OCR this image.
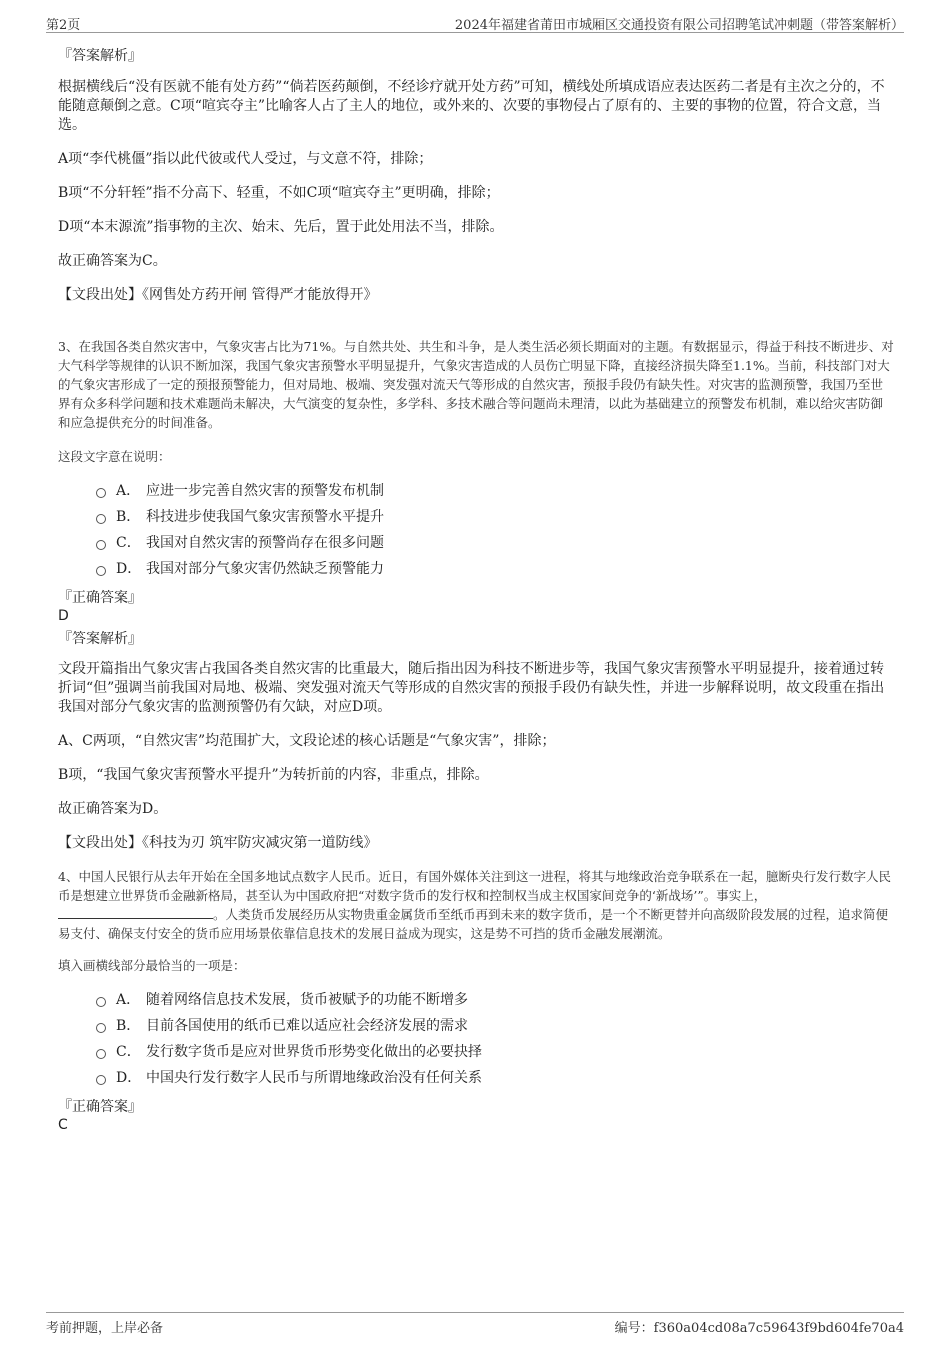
第2页	2024年福建省莆田市城厢区交通投资有限公司招聘笔试冲刺题（带答案解析）

『答案解析』

根据横线后“没有医就不能有处方药”“倘若医药颠倒，不经诊疗就开处方药”可知，横线处所填成语应表达医药二者是有主次之分的，不能随意颠倒之意。C项“喧宾夺主”比喻客人占了主人的地位，或外来的、次要的事物侵占了原有的、主要的事物的位置，符合文意，当选。

A项“李代桃僵”指以此代彼或代人受过，与文意不符，排除；

B项“不分轩轾”指不分高下、轻重，不如C项“喧宾夺主”更明确，排除；

D项“本末源流”指事物的主次、始末、先后，置于此处用法不当，排除。

故正确答案为C。

【文段出处】《网售处方药开闸 管得严才能放得开》

3、在我国各类自然灾害中，气象灾害占比为71%。与自然共处、共生和斗争，是人类生活必须长期面对的主题。有数据显示，得益于科技不断进步、对大气科学等规律的认识不断加深，我国气象灾害预警水平明显提升，气象灾害造成的人员伤亡明显下降，直接经济损失降至1.1%。当前，科技部门对大的气象灾害形成了一定的预报预警能力，但对局地、极端、突发强对流天气等形成的自然灾害，预报手段仍有缺失性。对灾害的监测预警，我国乃至世界有众多科学问题和技术难题尚未解决，大气演变的复杂性，多学科、多技术融合等问题尚未理清，以此为基础建立的预警发布机制，难以给灾害防御和应急提供充分的时间准备。

这段文字意在说明：

A． 应进一步完善自然灾害的预警发布机制
B． 科技进步使我国气象灾害预警水平提升
C． 我国对自然灾害的预警尚存在很多问题
D． 我国对部分气象灾害仍然缺乏预警能力

『正确答案』

D

『答案解析』

文段开篇指出气象灾害占我国各类自然灾害的比重最大，随后指出因为科技不断进步等，我国气象灾害预警水平明显提升，接着通过转折词“但”强调当前我国对局地、极端、突发强对流天气等形成的自然灾害的预报手段仍有缺失性，并进一步解释说明，故文段重在指出我国对部分气象灾害的监测预警仍有欠缺，对应D项。

A、C两项，“自然灾害”均范围扩大，文段论述的核心话题是“气象灾害”，排除；

B项，“我国气象灾害预警水平提升”为转折前的内容，非重点，排除。

故正确答案为D。

【文段出处】《科技为刃 筑牢防灾减灾第一道防线》

4、中国人民银行从去年开始在全国多地试点数字人民币。近日，有国外媒体关注到这一进程，将其与地缘政治竞争联系在一起，臆断央行发行数字人民币是想建立世界货币金融新格局，甚至认为中国政府把“对数字货币的发行权和控制权当成主权国家间竞争的‘新战场’”。事实上，。人类货币发展经历从实物贵重金属货币至纸币再到未来的数字货币，是一个不断更替并向高级阶段发展的过程，追求简便易支付、确保支付安全的货币应用场景依靠信息技术的发展日益成为现实，这是势不可挡的货币金融发展潮流。

填入画横线部分最恰当的一项是：

A． 随着网络信息技术发展，货币被赋予的功能不断增多
B． 目前各国使用的纸币已难以适应社会经济发展的需求
C． 发行数字货币是应对世界货币形势变化做出的必要抉择
D． 中国央行发行数字人民币与所谓地缘政治没有任何关系

『正确答案』

C

考前押题，上岸必备	编号：f360a04cd08a7c59643f9bd604fe70a4
